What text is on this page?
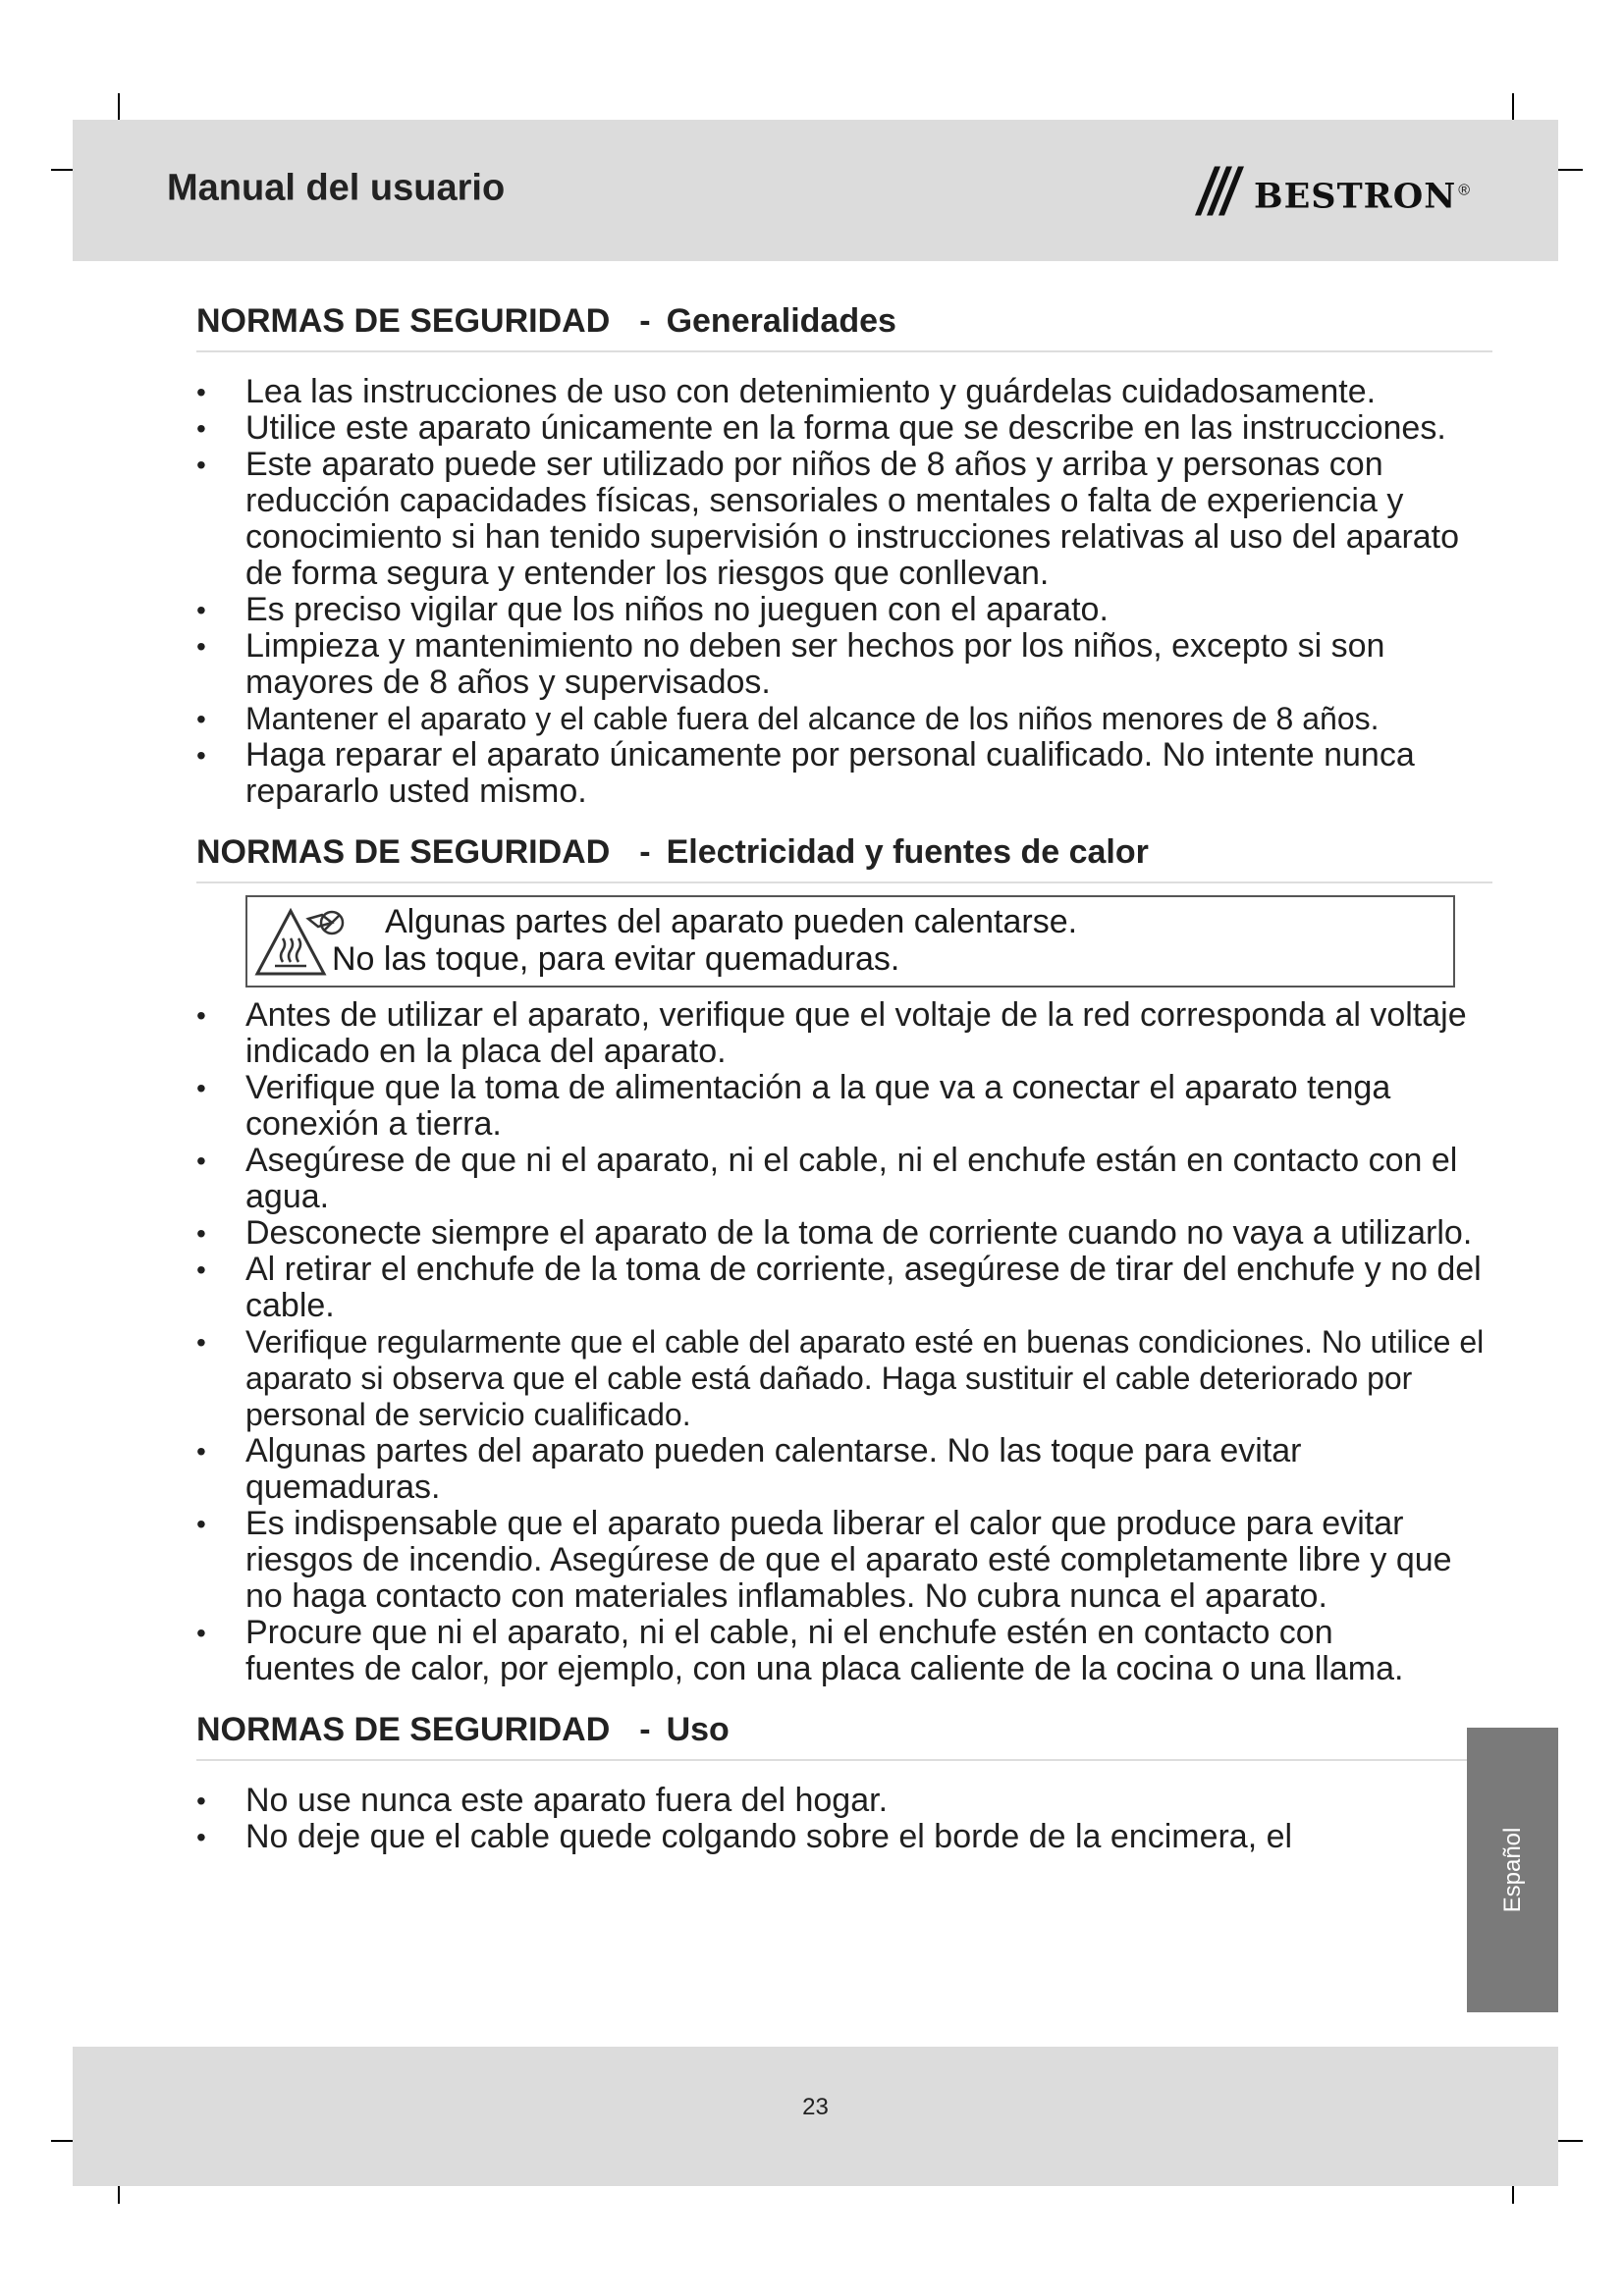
Manual del usuario	bestron ®
NORMAS DE SEGURIDAD - Generalidades
• Lea las instrucciones de uso con detenimiento y guárdelas cuidadosamente.
• Utilice este aparato únicamente en la forma que se describe en las instrucciones.
• Este aparato puede ser utilizado por niños de 8 años y arriba y personas con reducción capacidades físicas, sensoriales o mentales o falta de experiencia y conocimiento si han tenido supervisión o instrucciones relativas al uso del aparato de forma segura y entender los riesgos que conllevan.
• Es preciso vigilar que los niños no jueguen con el aparato.
• Limpieza y mantenimiento no deben ser hechos por los niños, excepto si son mayores de 8 años y supervisados.
• Mantener el aparato y el cable fuera del alcance de los niños menores de 8 años.
• Haga reparar el aparato únicamente por personal cualificado. No intente nunca repararlo usted mismo.
NORMAS DE SEGURIDAD - Electricidad y fuentes de calor
Algunas partes del aparato pueden calentarse.
No las toque, para evitar quemaduras.
• Antes de utilizar el aparato, verifique que el voltaje de la red corresponda al voltaje indicado en la placa del aparato.
• Verifique que la toma de alimentación a la que va a conectar el aparato tenga conexión a tierra.
• Asegúrese de que ni el aparato, ni el cable, ni el enchufe están en contacto con el agua.
• Desconecte siempre el aparato de la toma de corriente cuando no vaya a utilizarlo.
• Al retirar el enchufe de la toma de corriente, asegúrese de tirar del enchufe y no del cable.
• Verifique regularmente que el cable del aparato esté en buenas condiciones. No utilice el aparato si observa que el cable está dañado. Haga sustituir el cable deteriorado por personal de servicio cualificado.
• Algunas partes del aparato pueden calentarse. No las toque para evitar quemaduras.
• Es indispensable que el aparato pueda liberar el calor que produce para evitar riesgos de incendio. Asegúrese de que el aparato esté completamente libre y que no haga contacto con materiales inflamables. No cubra nunca el aparato.
• Procure que ni el aparato, ni el cable, ni el enchufe estén en contacto con fuentes de calor, por ejemplo, con una placa caliente de la cocina o una llama.
NORMAS DE SEGURIDAD - Uso
• No use nunca este aparato fuera del hogar.
• No deje que el cable quede colgando sobre el borde de la encimera, el	Español
23
